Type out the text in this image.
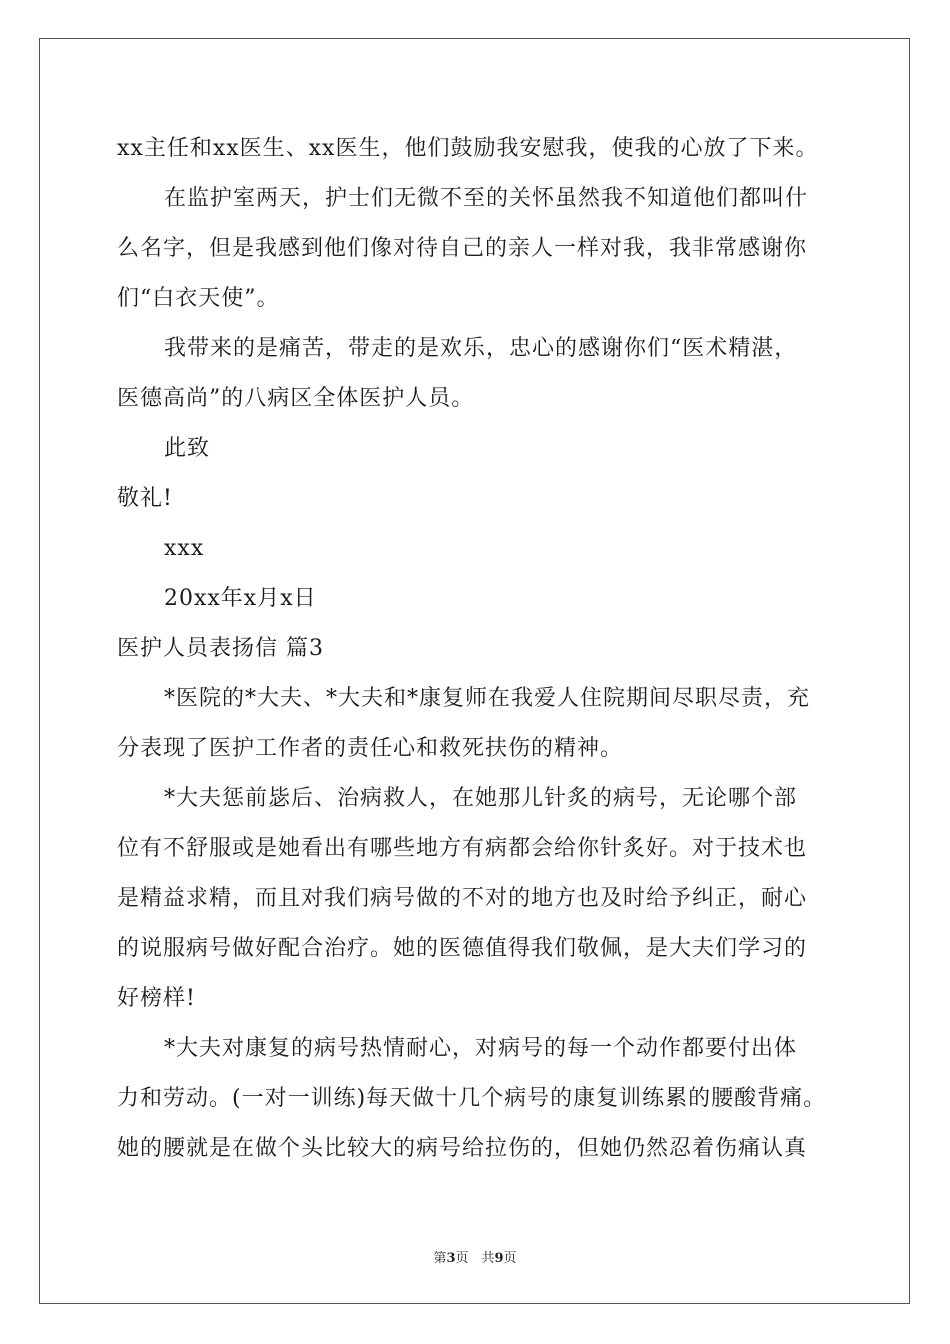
xx主任和xx医生、xx医生，他们鼓励我安慰我，使我的心放了下来。
在监护室两天，护士们无微不至的关怀虽然我不知道他们都叫什
么名字，但是我感到他们像对待自己的亲人一样对我，我非常感谢你
们“白衣天使”。
我带来的是痛苦，带走的是欢乐，忠心的感谢你们“医术精湛，
医德高尚”的八病区全体医护人员。
此致
敬礼!
xxx
20xx年x月x日
医护人员表扬信 篇3
*医院的*大夫、*大夫和*康复师在我爱人住院期间尽职尽责，充
分表现了医护工作者的责任心和救死扶伤的精神。
*大夫惩前毖后、治病救人，在她那儿针炙的病号，无论哪个部
位有不舒服或是她看出有哪些地方有病都会给你针炙好。对于技术也
是精益求精，而且对我们病号做的不对的地方也及时给予纠正，耐心
的说服病号做好配合治疗。她的医德值得我们敬佩，是大夫们学习的
好榜样!
*大夫对康复的病号热情耐心，对病号的每一个动作都要付出体
力和劳动。(一对一训练)每天做十几个病号的康复训练累的腰酸背痛。
她的腰就是在做个头比较大的病号给拉伤的，但她仍然忍着伤痛认真
第3页　共9页
